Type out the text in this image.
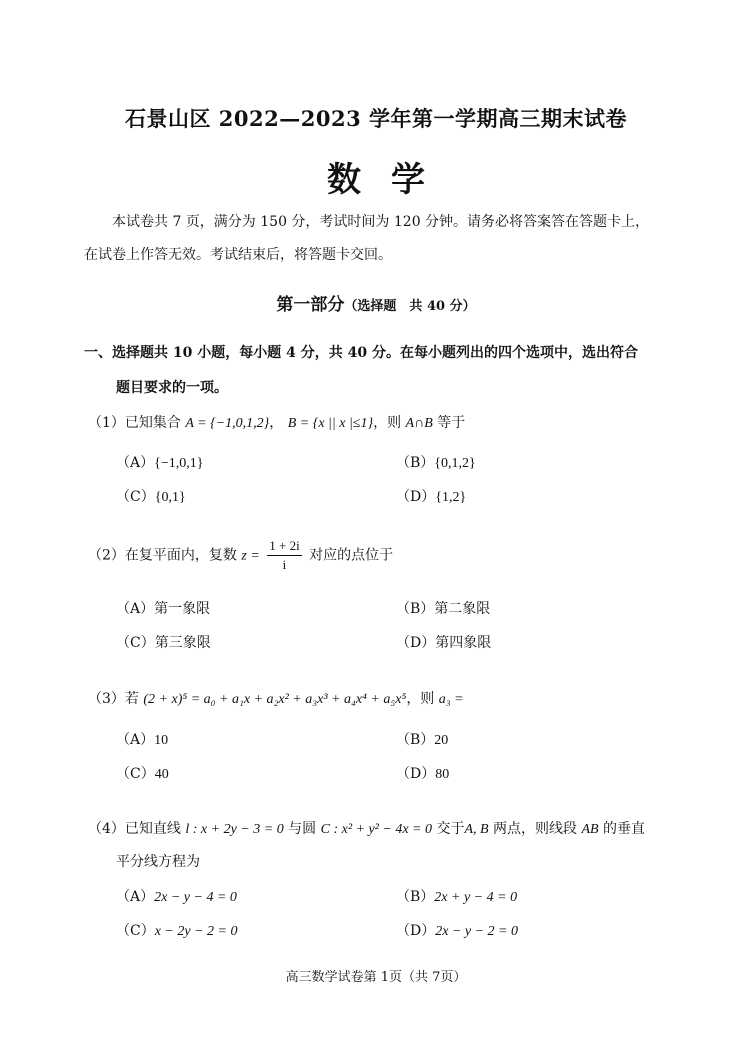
石景山区 2022—2023 学年第一学期高三期末试卷
数学
本试卷共 7 页，满分为 150 分，考试时间为 120 分钟。请务必将答案答在答题卡上，
在试卷上作答无效。考试结束后，将答题卡交回。
第一部分（选择题　共 40 分）
一、选择题共 10 小题，每小题 4 分，共 40 分。在每小题列出的四个选项中，选出符合
题目要求的一项。
（1）已知集合 A = {−1,0,1,2}， B = {x || x |≤1}，则 A∩B 等于
（A）{−1,0,1}	（B）{0,1,2}
（C）{0,1}	（D）{1,2}
（2）在复平面内，复数 $z = \frac{1 + 2i}{i}$ 对应的点位于
（A）第一象限	（B）第二象限
（C）第三象限	（D）第四象限
（3）若 (2 + x)⁵ = a₀ + a₁x + a₂x² + a₃x³ + a₄x⁴ + a₅x⁵，则 a₃ =
（A）10	（B）20
（C）40	（D）80
（4）已知直线 l : x + 2y − 3 = 0 与圆 C : x² + y² − 4x = 0 交于A, B 两点，则线段 AB 的垂直
平分线方程为
（A）2x − y − 4 = 0	（B）2x + y − 4 = 0
（C）x − 2y − 2 = 0	（D）2x − y − 2 = 0
高三数学试卷第 1页（共 7页）
